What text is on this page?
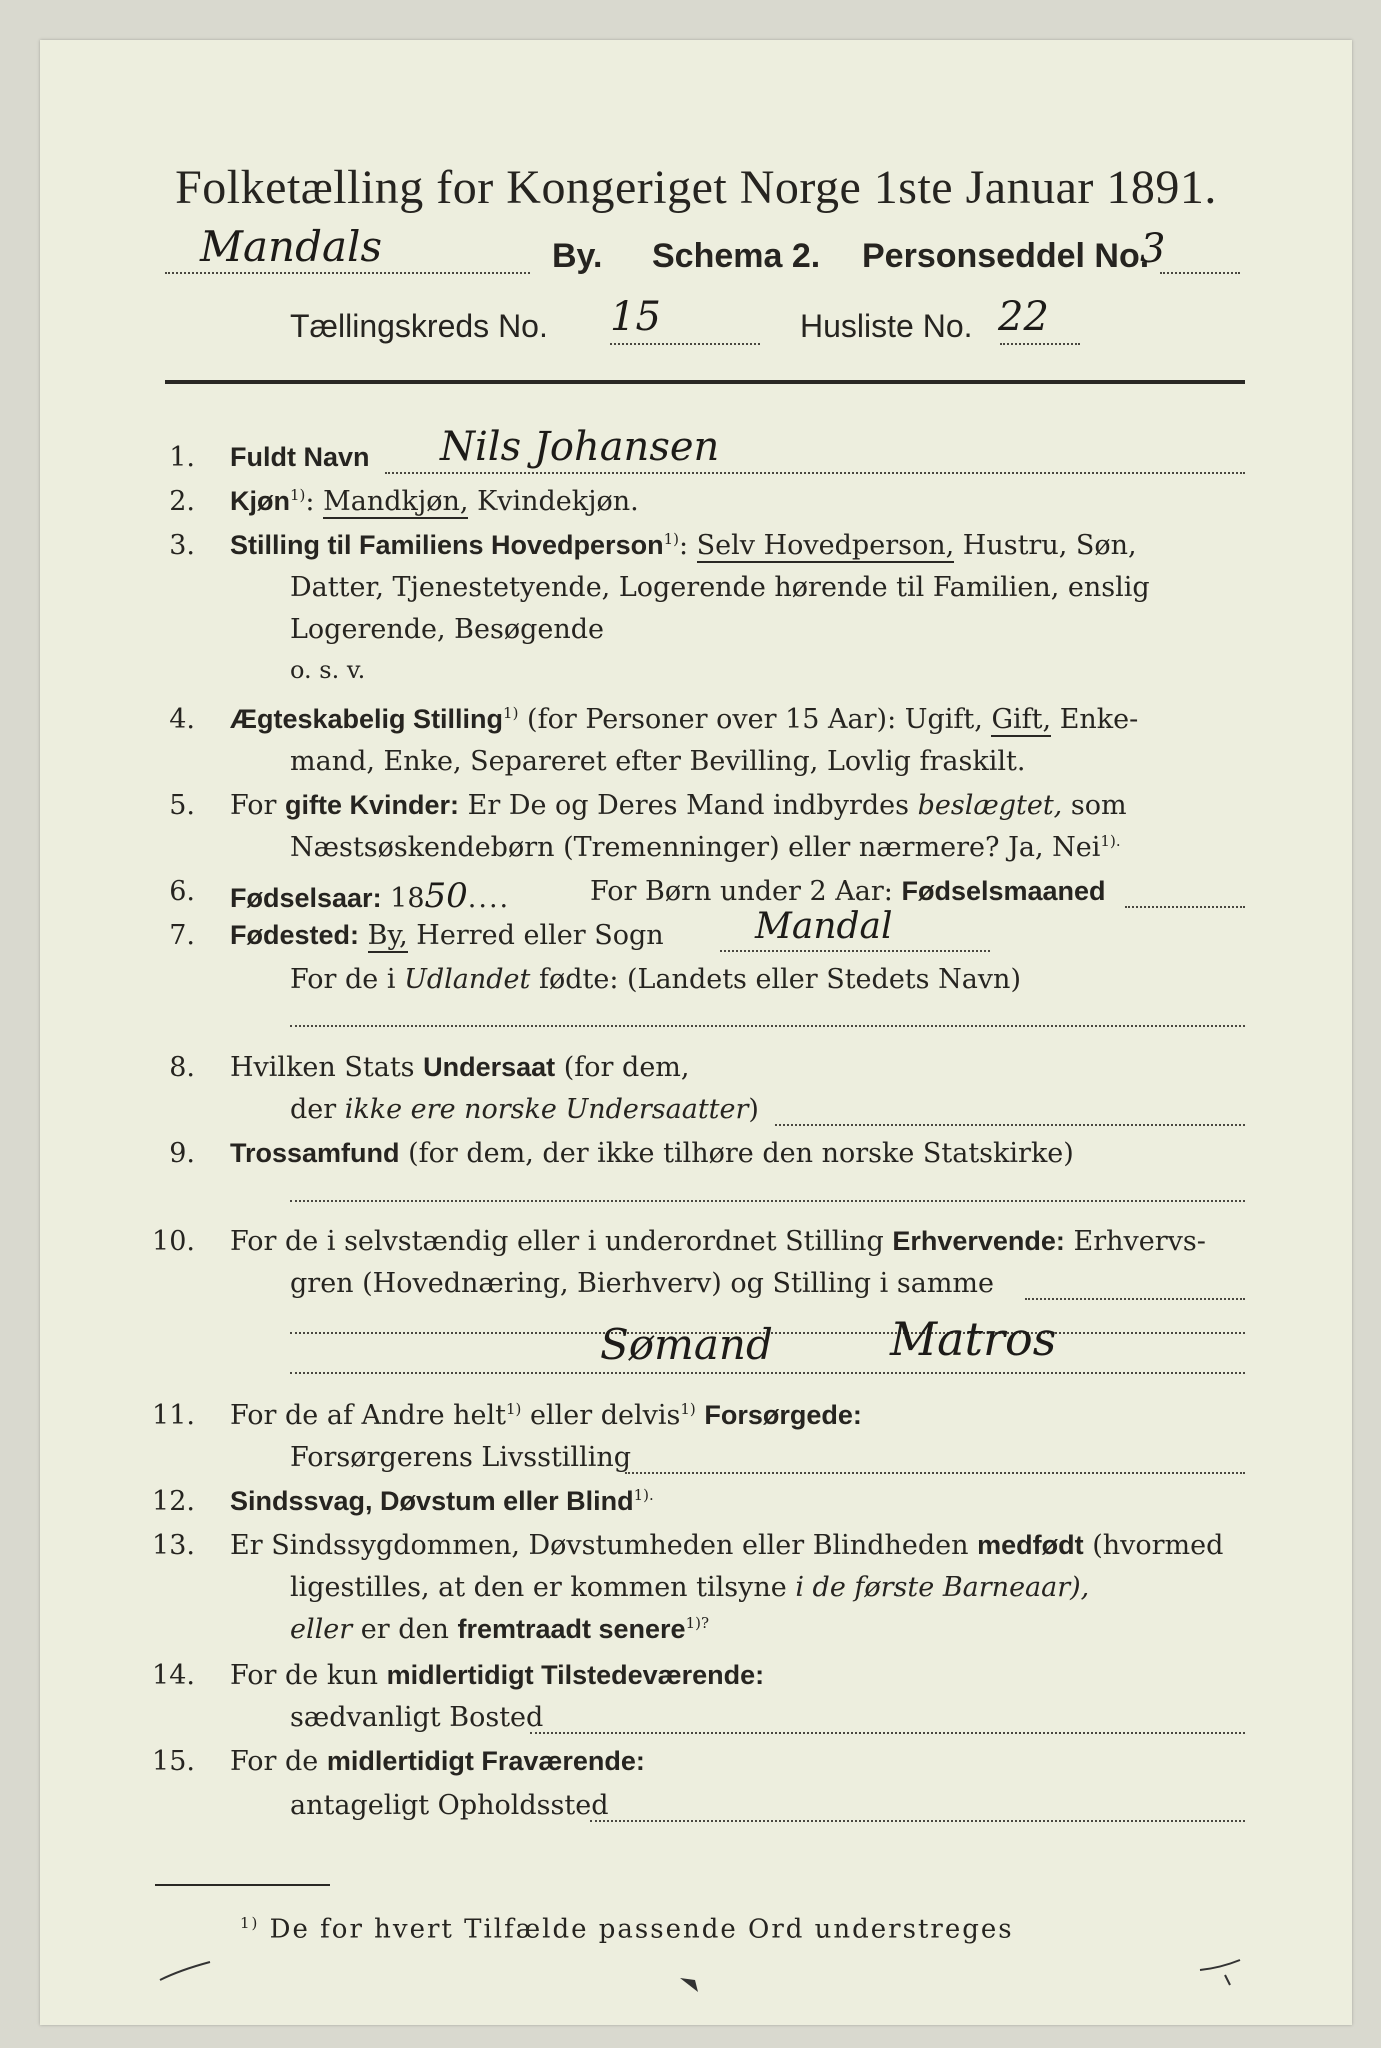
Folketælling for Kongeriget Norge 1ste Januar 1891.
Mandals	By. Schema 2. Personseddel No.
3
Tællingskreds No. 15	Husliste No. 22
1. Fuldt Navn Nils Johansen
2. Kjøn$^{1)}$: Mandkjøn, Kvindekjøn.
3. Stilling til Familiens Hovedperson$^{1)}$: Selv Hovedperson, Hustru, Søn,
Datter, Tjenestetyende, Logerende hørende til Familien, enslig
Logerende, Besøgende
o. s. v.
4. Ægteskabelig Stilling$^{1)}$ (for Personer over 15 Aar): Ugift, Gift, Enke-
mand, Enke, Separeret efter Bevilling, Lovlig fraskilt.
5. For gifte Kvinder: Er De og Deres Mand indbyrdes beslægtet, som
Næstsøskendebørn (Tremenninger) eller nærmere? Ja, Nei$^{1).}$
6. Fødselsaar: 1850....	For Børn under 2 Aar: Fødselsmaaned
7. Fødested: By, Herred eller Sogn	Mandal
For de i Udlandet fødte: (Landets eller Stedets Navn)
8. Hvilken Stats Undersaat (for dem,
der ikke ere norske Undersaatter)
9. Trossamfund (for dem, der ikke tilhøre den norske Statskirke)
10. For de i selvstændig eller i underordnet Stilling Erhvervende: Erhvervs-
gren (Hovednæring, Bierhverv) og Stilling i samme
Sømand	Matros
11. For de af Andre helt$^{1)}$ eller delvis$^{1)}$ Forsørgede:
Forsørgerens Livsstilling
12. Sindssvag, Døvstum eller Blind$^{1).}$
13. Er Sindssygdommen, Døvstumheden eller Blindheden medfødt (hvormed
ligestilles, at den er kommen tilsyne i de første Barneaar),
eller er den fremtraadt senere$^{1)?}$
14. For de kun midlertidigt Tilstedeværende:
sædvanligt Bosted
15. For de midlertidigt Fraværende:
antageligt Opholdssted
$^{1)}$ De for hvert Tilfælde passende Ord understreges
